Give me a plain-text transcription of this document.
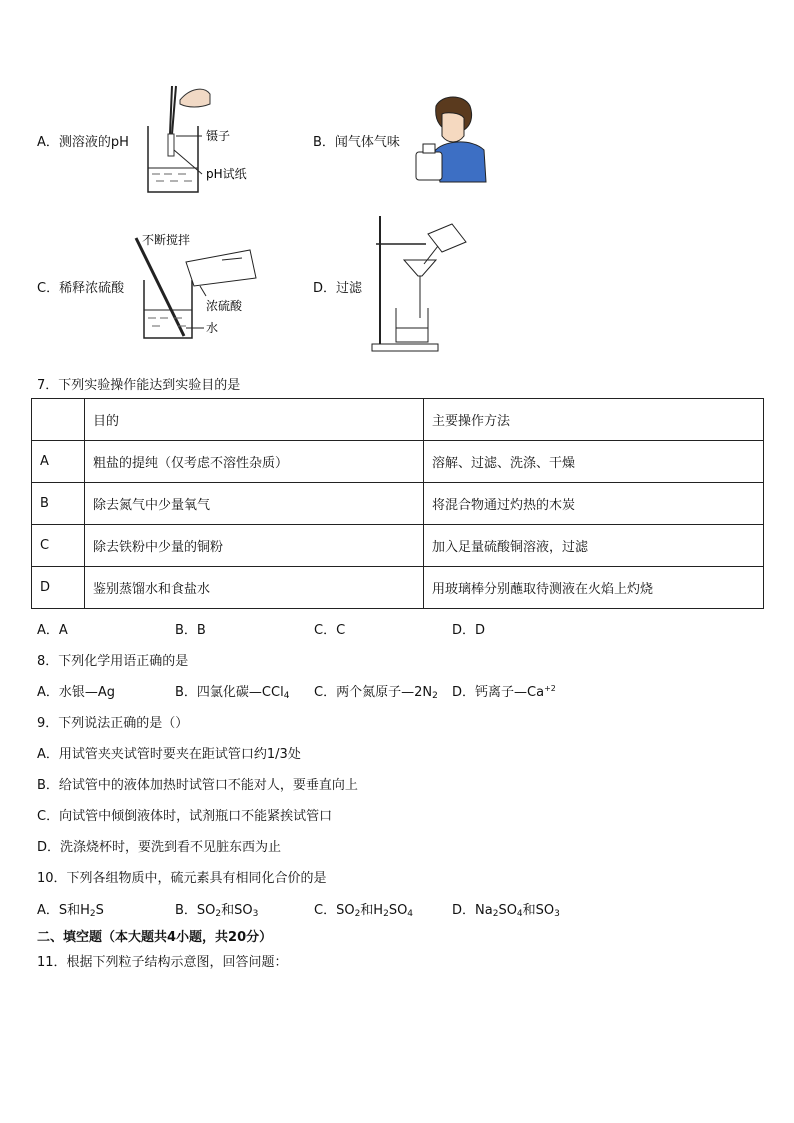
A．测溶液的pH	镊子
pH试纸
B．闻气体气味
C．稀释浓硫酸
不断搅拌
浓硫酸
水
D．过滤
7．下列实验操作能达到实验目的是
	目的	主要操作方法
A	粗盐的提纯（仅考虑不溶性杂质）	溶解、过滤、洗涤、干燥
B	除去氮气中少量氧气	将混合物通过灼热的木炭
C	除去铁粉中少量的铜粉	加入足量硫酸铜溶液，过滤
D	鉴别蒸馏水和食盐水	用玻璃棒分别蘸取待测液在火焰上灼烧
A．A	B．B	C．C	D．D
8．下列化学用语正确的是
A．水银—Ag	B．四氯化碳—CCl$_4$ C．两个氮原子$—2N_2$ D．钙离子$—Ca^{+2}$
9．下列说法正确的是（）
A．用试管夹夹试管时要夹在距试管口约1/3处
B．给试管中的液体加热时试管口不能对人，要垂直向上
C．向试管中倾倒液体时，试剂瓶口不能紧挨试管口
D．洗涤烧杯时，要洗到看不见脏东西为止
10．下列各组物质中，硫元素具有相同化合价的是
A．S和$H_2S$	B．$SO_2$和$SO_3$	C．$SO_2$和$H_2SO_4$	D．$Na_2SO_4$和$SO_3$
二、填空题（本大题共4小题，共20分）
11．根据下列粒子结构示意图，回答问题：
